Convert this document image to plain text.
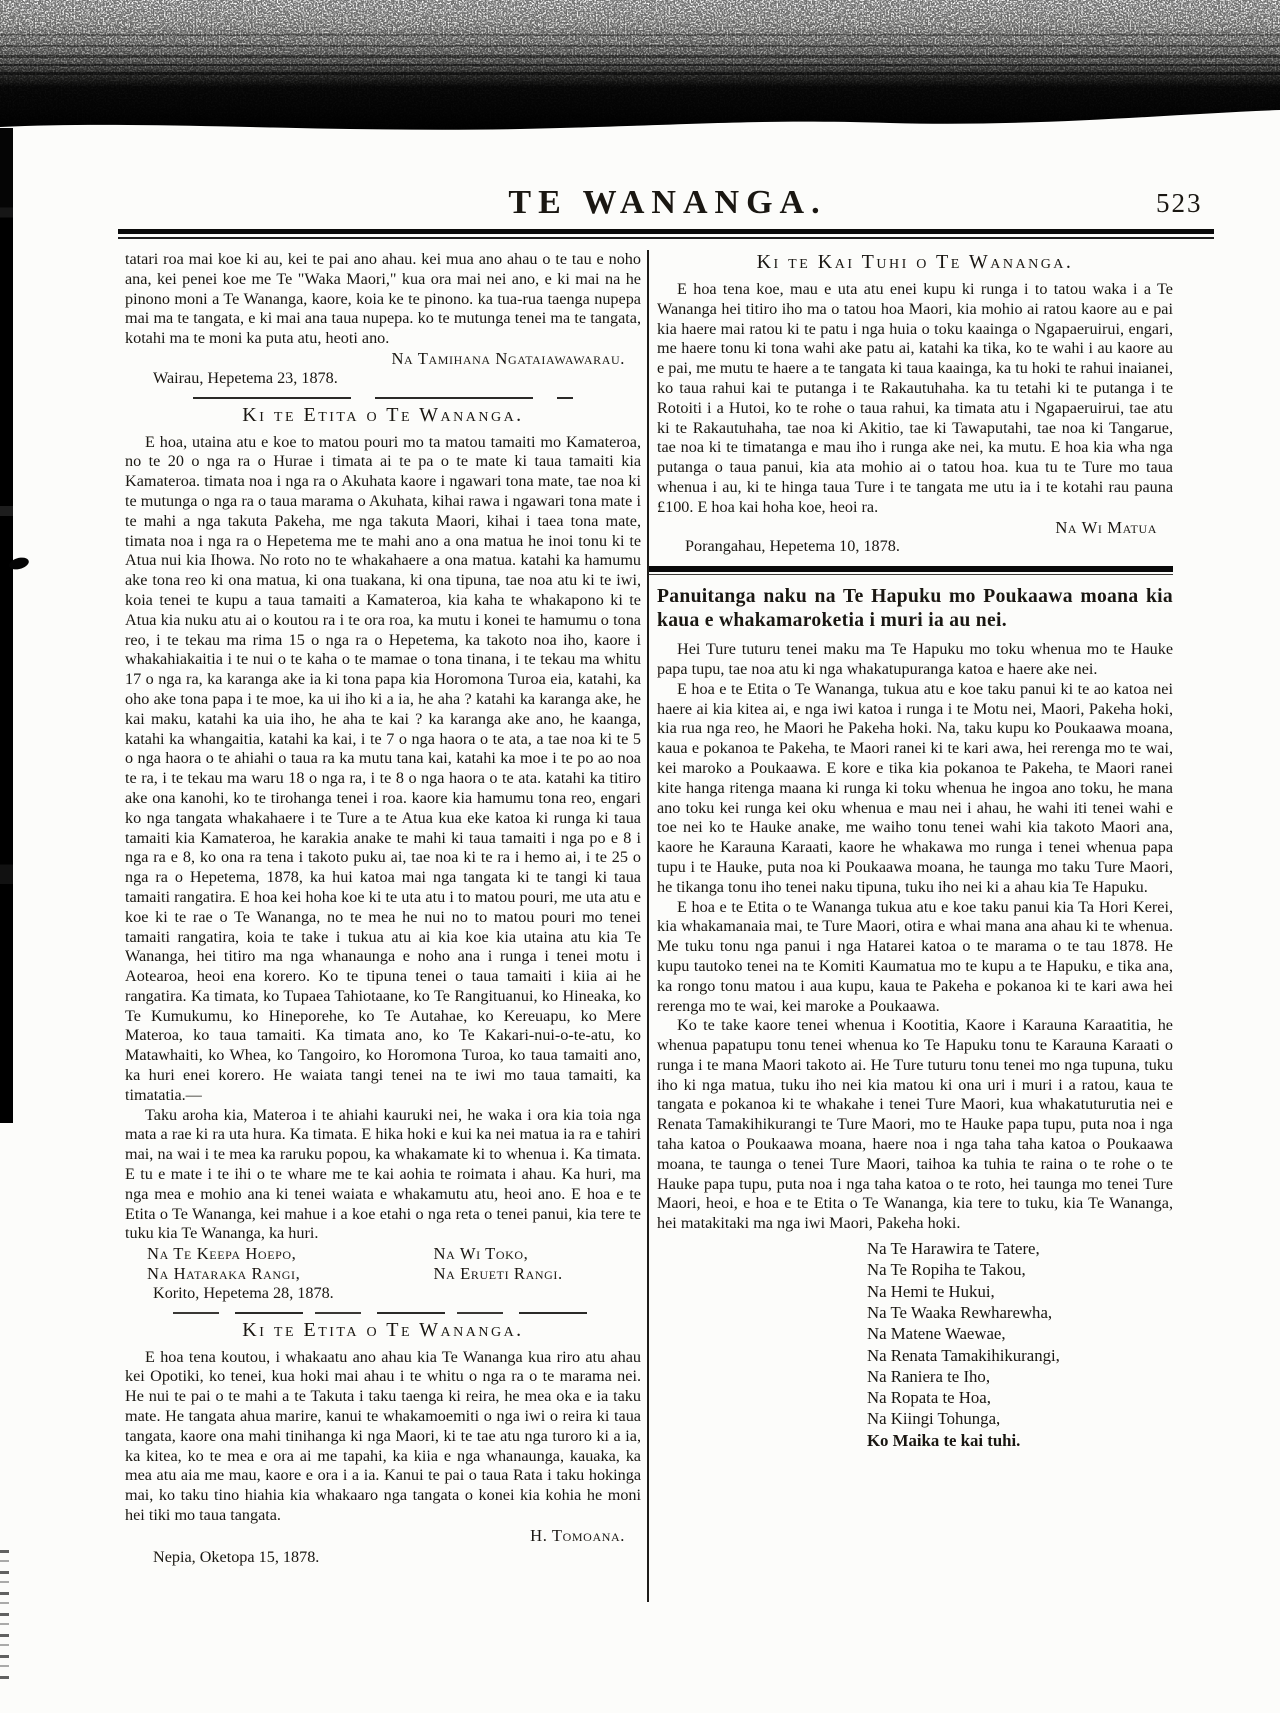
TE WANANGA.	523

tatari roa mai koe ki au, kei te pai ano ahau. kei mua ano ahau o te tau e noho ana, kei penei koe me Te "Waka Maori," kua ora mai nei ano, e ki mai na he pinono moni a Te Wananga, kaore, koia ke te pinono. ka tua-rua taenga nupepa mai ma te tangata, e ki mai ana taua nupepa. ko te mutunga tenei ma te tangata, kotahi ma te moni ka puta atu, heoti ano.

Na Tamihana Ngataiawawarau.

Wairau, Hepetema 23, 1878.

Ki te Etita o Te Wananga.

E hoa, utaina atu e koe to matou pouri mo ta matou tamaiti mo Kamateroa, no te 20 o nga ra o Hurae i timata ai te pa o te mate ki taua tamaiti kia Kamateroa. timata noa i nga ra o Akuhata kaore i ngawari tona mate, tae noa ki te mutunga o nga ra o taua marama o Akuhata, kihai rawa i ngawari tona mate i te mahi a nga takuta Pakeha, me nga takuta Maori, kihai i taea tona mate, timata noa i nga ra o Hepetema me te mahi ano a ona matua he inoi tonu ki te Atua nui kia Ihowa. No roto no te whakahaere a ona matua. katahi ka hamumu ake tona reo ki ona matua, ki ona tuakana, ki ona tipuna, tae noa atu ki te iwi, koia tenei te kupu a taua tamaiti a Kamateroa, kia kaha te whakapono ki te Atua kia nuku atu ai o koutou ra i te ora roa, ka mutu i konei te hamumu o tona reo, i te tekau ma rima 15 o nga ra o Hepetema, ka takoto noa iho, kaore i whakahiakaitia i te nui o te kaha o te mamae o tona tinana, i te tekau ma whitu 17 o nga ra, ka karanga ake ia ki tona papa kia Horomona Turoa eia, katahi, ka oho ake tona papa i te moe, ka ui iho ki a ia, he aha ? katahi ka karanga ake, he kai maku, katahi ka uia iho, he aha te kai ? ka karanga ake ano, he kaanga, katahi ka whangaitia, katahi ka kai, i te 7 o nga haora o te ata, a tae noa ki te 5 o nga haora o te ahiahi o taua ra ka mutu tana kai, katahi ka moe i te po ao noa te ra, i te tekau ma waru 18 o nga ra, i te 8 o nga haora o te ata. katahi ka titiro ake ona kanohi, ko te tirohanga tenei i roa. kaore kia hamumu tona reo, engari ko nga tangata whakahaere i te Ture a te Atua kua eke katoa ki runga ki taua tamaiti kia Kamateroa, he karakia anake te mahi ki taua tamaiti i nga po e 8 i nga ra e 8, ko ona ra tena i takoto puku ai, tae noa ki te ra i hemo ai, i te 25 o nga ra o Hepetema, 1878, ka hui katoa mai nga tangata ki te tangi ki taua tamaiti rangatira. E hoa kei hoha koe ki te uta atu i to matou pouri, me uta atu e koe ki te rae o Te Wananga, no te mea he nui no to matou pouri mo tenei tamaiti rangatira, koia te take i tukua atu ai kia koe kia utaina atu kia Te Wananga, hei titiro ma nga whanaunga e noho ana i runga i tenei motu i Aotearoa, heoi ena korero. Ko te tipuna tenei o taua tamaiti i kiia ai he rangatira. Ka timata, ko Tupaea Tahiotaane, ko Te Rangituanui, ko Hineaka, ko Te Kumukumu, ko Hineporehe, ko Te Autahae, ko Kereuapu, ko Mere Materoa, ko taua tamaiti. Ka timata ano, ko Te Kakari-nui-o-te-atu, ko Matawhaiti, ko Whea, ko Tangoiro, ko Horomona Turoa, ko taua tamaiti ano, ka huri enei korero. He waiata tangi tenei na te iwi mo taua tamaiti, ka timatatia.—

Taku aroha kia, Materoa i te ahiahi kauruki nei, he waka i ora kia toia nga mata a rae ki ra uta hura. Ka timata. E hika hoki e kui ka nei matua ia ra e tahiri mai, na wai i te mea ka raruku popou, ka whakamate ki to whenua i. Ka timata. E tu e mate i te ihi o te whare me te kai aohia te roimata i ahau. Ka huri, ma nga mea e mohio ana ki tenei waiata e whakamutu atu, heoi ano. E hoa e te Etita o Te Wananga, kei mahue i a koe etahi o nga reta o tenei panui, kia tere te tuku kia Te Wananga, ka huri.

Na Te Keepa Hoepo,	Na Wi Toko,
Na Hataraka Rangi,	Na Erueti Rangi.

Korito, Hepetema 28, 1878.

Ki te Etita o Te Wananga.

E hoa tena koutou, i whakaatu ano ahau kia Te Wananga kua riro atu ahau kei Opotiki, ko tenei, kua hoki mai ahau i te whitu o nga ra o te marama nei. He nui te pai o te mahi a te Takuta i taku taenga ki reira, he mea oka e ia taku mate. He tangata ahua marire, kanui te whakamoemiti o nga iwi o reira ki taua tangata, kaore ona mahi tinihanga ki nga Maori, ki te tae atu nga turoro ki a ia, ka kitea, ko te mea e ora ai me tapahi, ka kiia e nga whanaunga, kauaka, ka mea atu aia me mau, kaore e ora i a ia. Kanui te pai o taua Rata i taku hokinga mai, ko taku tino hiahia kia whakaaro nga tangata o konei kia kohia he moni hei tiki mo taua tangata.

H. Tomoana.

Nepia, Oketopa 15, 1878.

Ki te Kai Tuhi o Te Wananga.

E hoa tena koe, mau e uta atu enei kupu ki runga i to tatou waka i a Te Wananga hei titiro iho ma o tatou hoa Maori, kia mohio ai ratou kaore au e pai kia haere mai ratou ki te patu i nga huia o toku kaainga o Ngapaeruirui, engari, me haere tonu ki tona wahi ake patu ai, katahi ka tika, ko te wahi i au kaore au e pai, me mutu te haere a te tangata ki taua kaainga, ka tu hoki te rahui inaianei, ko taua rahui kai te putanga i te Rakautuhaha. ka tu tetahi ki te putanga i te Rotoiti i a Hutoi, ko te rohe o taua rahui, ka timata atu i Ngapaeruirui, tae atu ki te Rakautuhaha, tae noa ki Akitio, tae ki Tawaputahi, tae noa ki Tangarue, tae noa ki te timatanga e mau iho i runga ake nei, ka mutu. E hoa kia wha nga putanga o taua panui, kia ata mohio ai o tatou hoa. kua tu te Ture mo taua whenua i au, ki te hinga taua Ture i te tangata me utu ia i te kotahi rau pauna £100. E hoa kai hoha koe, heoi ra.

Na Wi Matua

Porangahau, Hepetema 10, 1878.

Panuitanga naku na Te Hapuku mo Poukaawa moana kia kaua e whakamaroketia i muri ia au nei.

Hei Ture tuturu tenei maku ma Te Hapuku mo toku whenua mo te Hauke papa tupu, tae noa atu ki nga whakatupuranga katoa e haere ake nei.

E hoa e te Etita o Te Wananga, tukua atu e koe taku panui ki te ao katoa nei haere ai kia kitea ai, e nga iwi katoa i runga i te Motu nei, Maori, Pakeha hoki, kia rua nga reo, he Maori he Pakeha hoki. Na, taku kupu ko Poukaawa moana, kaua e pokanoa te Pakeha, te Maori ranei ki te kari awa, hei rerenga mo te wai, kei maroko a Poukaawa. E kore e tika kia pokanoa te Pakeha, te Maori ranei kite hanga ritenga maana ki runga ki toku whenua he ingoa ano toku, he mana ano toku kei runga kei oku whenua e mau nei i ahau, he wahi iti tenei wahi e toe nei ko te Hauke anake, me waiho tonu tenei wahi kia takoto Maori ana, kaore he Karauna Karaati, kaore he whakawa mo runga i tenei whenua papa tupu i te Hauke, puta noa ki Poukaawa moana, he taunga mo taku Ture Maori, he tikanga tonu iho tenei naku tipuna, tuku iho nei ki a ahau kia Te Hapuku.

E hoa e te Etita o te Wananga tukua atu e koe taku panui kia Ta Hori Kerei, kia whakamanaia mai, te Ture Maori, otira e whai mana ana ahau ki te whenua. Me tuku tonu nga panui i nga Hatarei katoa o te marama o te tau 1878. He kupu tautoko tenei na te Komiti Kaumatua mo te kupu a te Hapuku, e tika ana, ka rongo tonu matou i aua kupu, kaua te Pakeha e pokanoa ki te kari awa hei rerenga mo te wai, kei maroke a Poukaawa.

Ko te take kaore tenei whenua i Kootitia, Kaore i Karauna Karaatitia, he whenua papatupu tonu tenei whenua ko Te Hapuku tonu te Karauna Karaati o runga i te mana Maori takoto ai. He Ture tuturu tonu tenei mo nga tupuna, tuku iho ki nga matua, tuku iho nei kia matou ki ona uri i muri i a ratou, kaua te tangata e pokanoa ki te whakahe i tenei Ture Maori, kua whakatuturutia nei e Renata Tamakihikurangi te Ture Maori, mo te Hauke papa tupu, puta noa i nga taha katoa o Poukaawa moana, haere noa i nga taha taha katoa o Poukaawa moana, te taunga o tenei Ture Maori, taihoa ka tuhia te raina o te rohe o te Hauke papa tupu, puta noa i nga taha katoa o te roto, hei taunga mo tenei Ture Maori, heoi, e hoa e te Etita o Te Wananga, kia tere to tuku, kia Te Wananga, hei matakitaki ma nga iwi Maori, Pakeha hoki.

Na Te Harawira te Tatere,
Na Te Ropiha te Takou,
Na Hemi te Hukui,
Na Te Waaka Rewharewha,
Na Matene Waewae,
Na Renata Tamakihikurangi,
Na Raniera te Iho,
Na Ropata te Hoa,
Na Kiingi Tohunga,
Ko Maika te kai tuhi.
